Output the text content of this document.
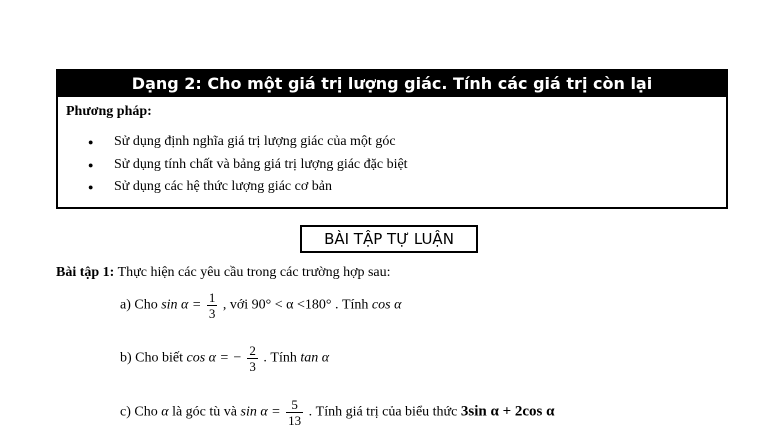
Dạng 2: Cho một giá trị lượng giác. Tính các giá trị còn lại
Phương pháp:
● Sử dụng định nghĩa giá trị lượng giác của một góc
● Sử dụng tính chất và bảng giá trị lượng giác đặc biệt
● Sử dụng các hệ thức lượng giác cơ bản
BÀI TẬP TỰ LUẬN
Bài tập 1: Thực hiện các yêu cầu trong các trường hợp sau:
a) Cho $\sin \alpha = \frac{1}{3}$ , với 90° < α <180° . Tính cos α
b) Cho biết cos α = − $\frac{2}{3}$ . Tính tan α
c) Cho α là góc tù và $\sin \alpha = \frac{5}{13}$ . Tính giá trị của biểu thức 3sin α + 2cos α
